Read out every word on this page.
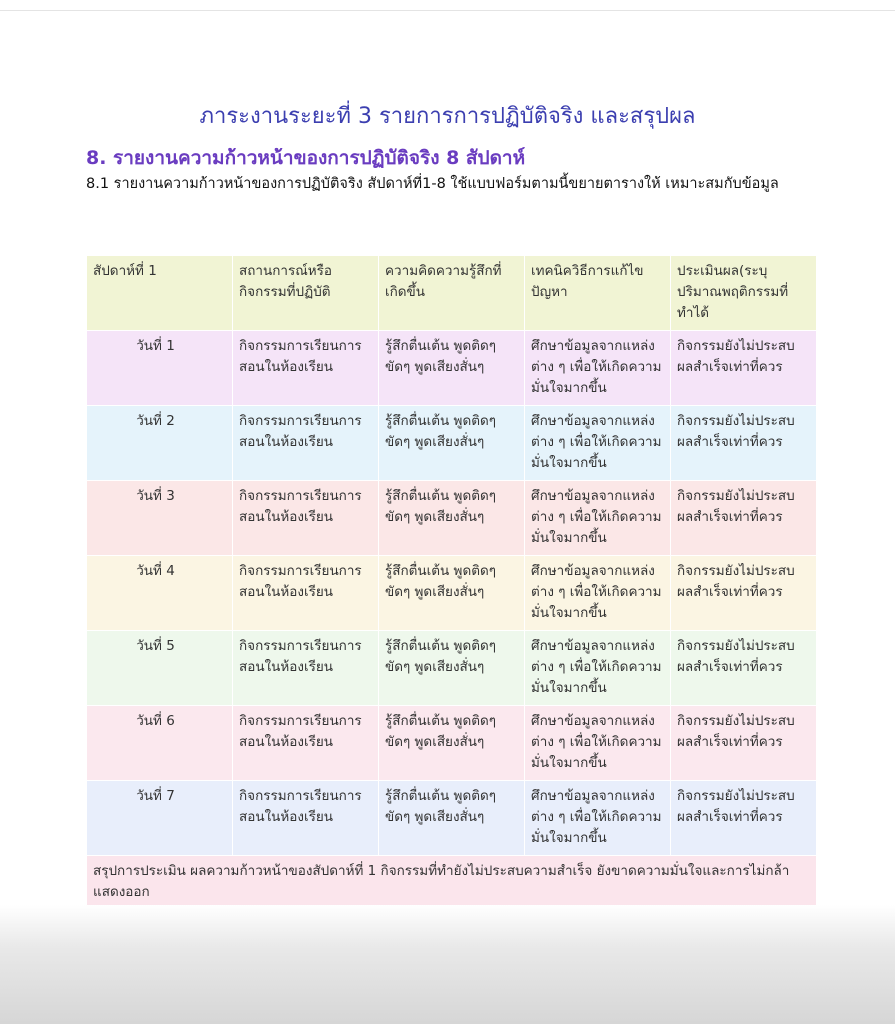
ภาระงานระยะที่ 3 รายการการปฏิบัติจริง และสรุปผล
8. รายงานความก้าวหน้าของการปฏิบัติจริง 8 สัปดาห์

8.1 รายงานความก้าวหน้าของการปฏิบัติจริง สัปดาห์ที่1-8 ใช้แบบฟอร์มตามนี้ขยายตารางให้ เหมาะสมกับข้อมูล

สัปดาห์ที่ 1	สถานการณ์หรือกิจกรรมที่ปฏิบัติ	ความคิดความรู้สึกที่เกิดขึ้น	เทคนิควิธีการแก้ไขปัญหา	ประเมินผล(ระบุปริมาณพฤติกรรมที่ทำได้
วันที่ 1	กิจกรรมการเรียนการสอนในห้องเรียน	รู้สึกตื่นเต้น พูดติดๆ ขัดๆ พูดเสียงสั่นๆ	ศึกษาข้อมูลจากแหล่งต่าง ๆ เพื่อให้เกิดความมั่นใจมากขึ้น	กิจกรรมยังไม่ประสบผลสำเร็จเท่าที่ควร
วันที่ 2	กิจกรรมการเรียนการสอนในห้องเรียน	รู้สึกตื่นเต้น พูดติดๆ ขัดๆ พูดเสียงสั่นๆ	ศึกษาข้อมูลจากแหล่งต่าง ๆ เพื่อให้เกิดความมั่นใจมากขึ้น	กิจกรรมยังไม่ประสบผลสำเร็จเท่าที่ควร
วันที่ 3	กิจกรรมการเรียนการสอนในห้องเรียน	รู้สึกตื่นเต้น พูดติดๆ ขัดๆ พูดเสียงสั่นๆ	ศึกษาข้อมูลจากแหล่งต่าง ๆ เพื่อให้เกิดความมั่นใจมากขึ้น	กิจกรรมยังไม่ประสบผลสำเร็จเท่าที่ควร
วันที่ 4	กิจกรรมการเรียนการสอนในห้องเรียน	รู้สึกตื่นเต้น พูดติดๆ ขัดๆ พูดเสียงสั่นๆ	ศึกษาข้อมูลจากแหล่งต่าง ๆ เพื่อให้เกิดความมั่นใจมากขึ้น	กิจกรรมยังไม่ประสบผลสำเร็จเท่าที่ควร
วันที่ 5	กิจกรรมการเรียนการสอนในห้องเรียน	รู้สึกตื่นเต้น พูดติดๆ ขัดๆ พูดเสียงสั่นๆ	ศึกษาข้อมูลจากแหล่งต่าง ๆ เพื่อให้เกิดความมั่นใจมากขึ้น	กิจกรรมยังไม่ประสบผลสำเร็จเท่าที่ควร
วันที่ 6	กิจกรรมการเรียนการสอนในห้องเรียน	รู้สึกตื่นเต้น พูดติดๆ ขัดๆ พูดเสียงสั่นๆ	ศึกษาข้อมูลจากแหล่งต่าง ๆ เพื่อให้เกิดความมั่นใจมากขึ้น	กิจกรรมยังไม่ประสบผลสำเร็จเท่าที่ควร
วันที่ 7	กิจกรรมการเรียนการสอนในห้องเรียน	รู้สึกตื่นเต้น พูดติดๆ ขัดๆ พูดเสียงสั่นๆ	ศึกษาข้อมูลจากแหล่งต่าง ๆ เพื่อให้เกิดความมั่นใจมากขึ้น	กิจกรรมยังไม่ประสบผลสำเร็จเท่าที่ควร
สรุปการประเมิน ผลความก้าวหน้าของสัปดาห์ที่ 1 กิจกรรมที่ทำยังไม่ประสบความสำเร็จ ยังขาดความมั่นใจและการไม่กล้าแสดงออก				
